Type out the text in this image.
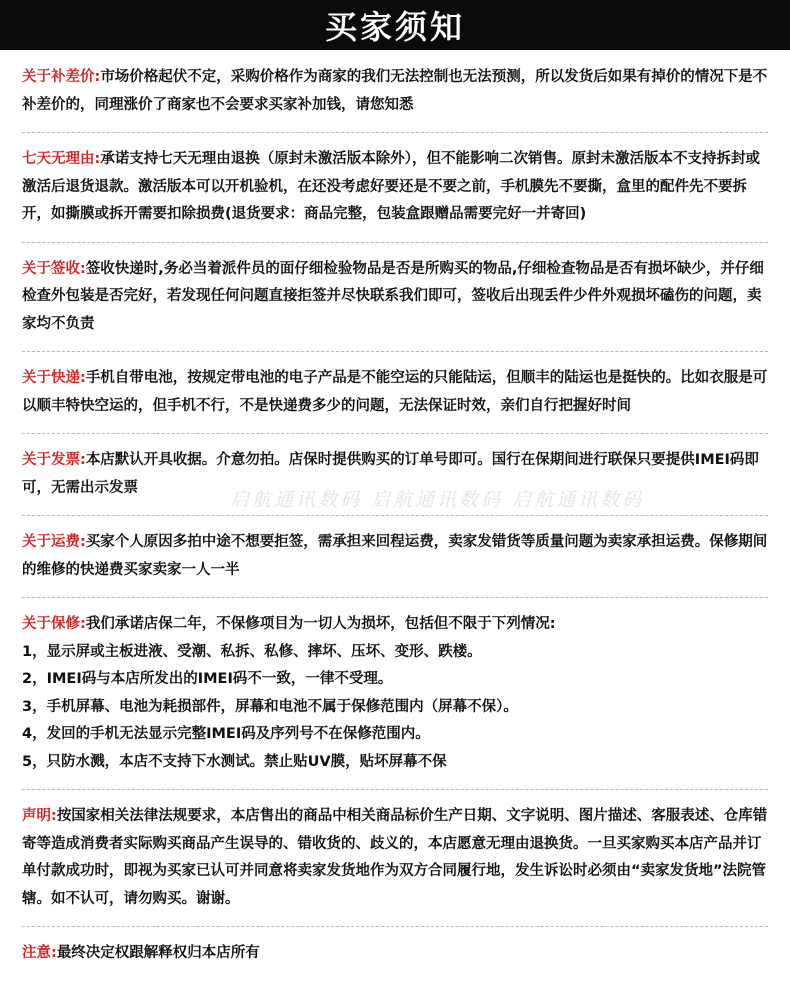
买家须知
关于补差价:市场价格起伏不定，采购价格作为商家的我们无法控制也无法预测，所以发货后如果有掉价的情况下是不补差价的，同理涨价了商家也不会要求买家补加钱，请您知悉
七天无理由:承诺支持七天无理由退换（原封未激活版本除外），但不能影响二次销售。原封未激活版本不支持拆封或激活后退货退款。激活版本可以开机验机，在还没考虑好要还是不要之前，手机膜先不要撕，盒里的配件先不要拆开，如撕膜或拆开需要扣除损费(退货要求：商品完整，包装盒跟赠品需要完好一并寄回)
关于签收:签收快递时,务必当着派件员的面仔细检验物品是否是所购买的物品,仔细检查物品是否有损坏缺少，并仔细检查外包装是否完好，若发现任何问题直接拒签并尽快联系我们即可，签收后出现丢件少件外观损坏磕伤的问题，卖家均不负责
关于快递:手机自带电池，按规定带电池的电子产品是不能空运的只能陆运，但顺丰的陆运也是挺快的。比如衣服是可以顺丰特快空运的，但手机不行，不是快递费多少的问题，无法保证时效，亲们自行把握好时间
关于发票:本店默认开具收据。介意勿拍。店保时提供购买的订单号即可。国行在保期间进行联保只要提供IMEI码即可，无需出示发票
关于运费:买家个人原因多拍中途不想要拒签，需承担来回程运费，卖家发错货等质量问题为卖家承担运费。保修期间的维修的快递费买家卖家一人一半
关于保修:我们承诺店保二年，不保修项目为一切人为损坏，包括但不限于下列情况:
1，显示屏或主板进液、受潮、私拆、私修、摔坏、压坏、变形、跌楼。
2，IMEI码与本店所发出的IMEI码不一致，一律不受理。
3，手机屏幕、电池为耗损部件，屏幕和电池不属于保修范围内（屏幕不保）。
4，发回的手机无法显示完整IMEI码及序列号不在保修范围内。
5，只防水溅，本店不支持下水测试。禁止贴UV膜，贴坏屏幕不保
声明:按国家相关法律法规要求，本店售出的商品中相关商品标价生产日期、文字说明、图片描述、客服表述、仓库错寄等造成消费者实际购买商品产生误导的、错收货的、歧义的，本店愿意无理由退换货。一旦买家购买本店产品并订单付款成功时，即视为买家已认可并同意将卖家发货地作为双方合同履行地，发生诉讼时必须由“卖家发货地”法院管辖。如不认可，请勿购买。谢谢。
注意:最终决定权跟解释权归本店所有
启航通讯数码 启航通讯数码 启航通讯数码
